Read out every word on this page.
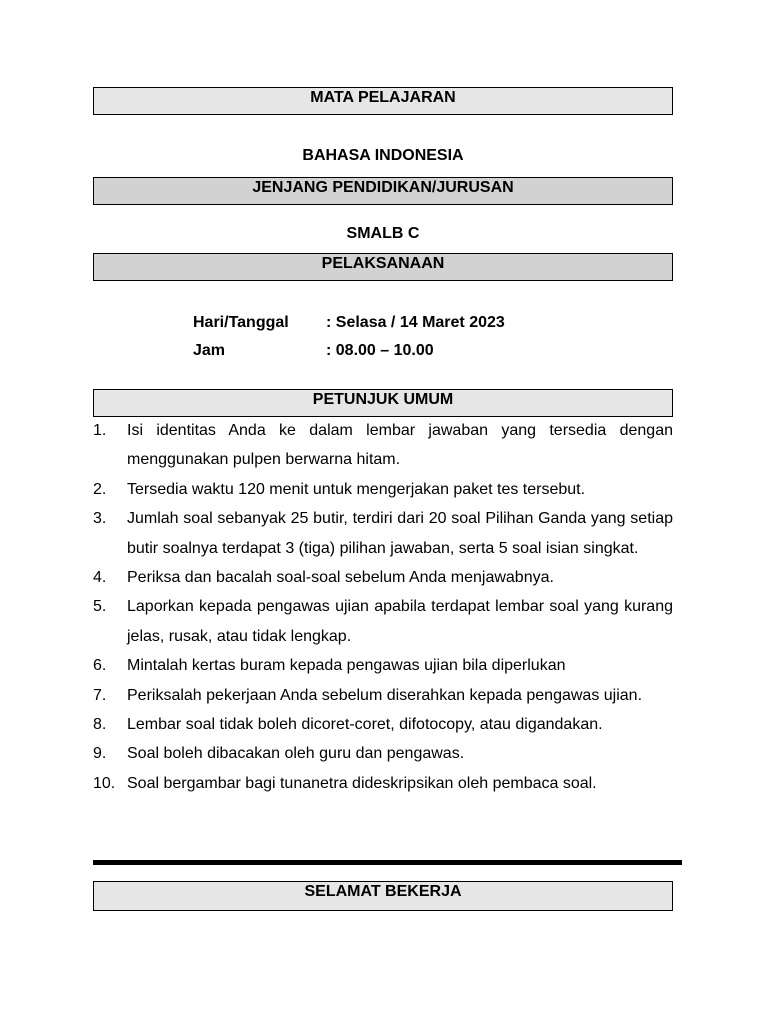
MATA PELAJARAN
BAHASA INDONESIA
JENJANG PENDIDIKAN/JURUSAN
SMALB C
PELAKSANAAN
Hari/Tanggal : Selasa / 14 Maret 2023
Jam	: 08.00 – 10.00
PETUNJUK UMUM
1. Isi identitas Anda ke dalam lembar jawaban yang tersedia dengan menggunakan pulpen berwarna hitam.
2. Tersedia waktu 120 menit untuk mengerjakan paket tes tersebut.
3. Jumlah soal sebanyak 25 butir, terdiri dari 20 soal Pilihan Ganda yang setiap butir soalnya terdapat 3 (tiga) pilihan jawaban, serta 5 soal isian singkat.
4. Periksa dan bacalah soal-soal sebelum Anda menjawabnya.
5. Laporkan kepada pengawas ujian apabila terdapat lembar soal yang kurang jelas, rusak, atau tidak lengkap.
6. Mintalah kertas buram kepada pengawas ujian bila diperlukan
7. Periksalah pekerjaan Anda sebelum diserahkan kepada pengawas ujian.
8. Lembar soal tidak boleh dicoret-coret, difotocopy, atau digandakan.
9. Soal boleh dibacakan oleh guru dan pengawas.
10. Soal bergambar bagi tunanetra dideskripsikan oleh pembaca soal.
SELAMAT BEKERJA
